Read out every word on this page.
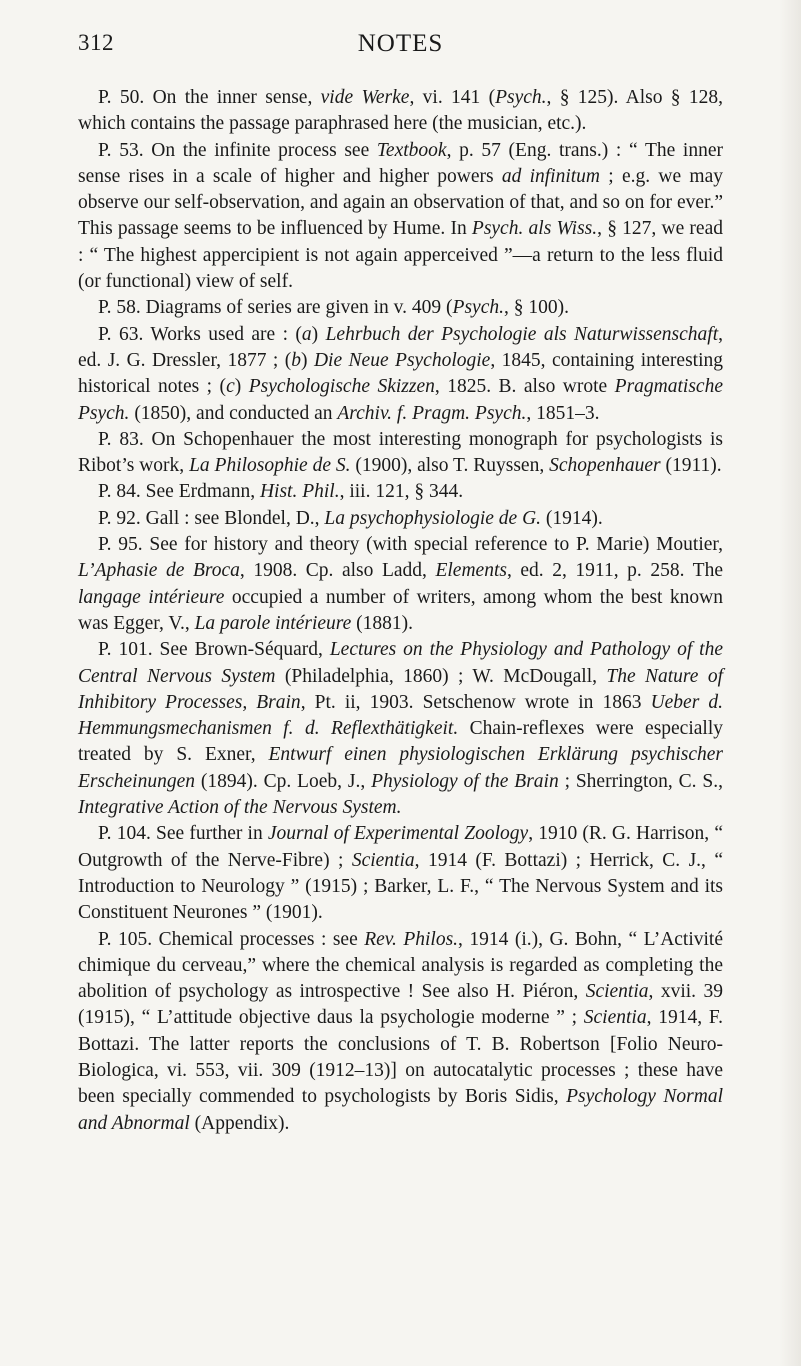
312	NOTES

P. 50. On the inner sense, vide Werke, vi. 141 (Psych., § 125). Also § 128, which contains the passage paraphrased here (the musician, etc.).

P. 53. On the infinite process see Textbook, p. 57 (Eng. trans.) : “ The inner sense rises in a scale of higher and higher powers ad infinitum ; e.g. we may observe our self-observation, and again an observation of that, and so on for ever.” This passage seems to be influenced by Hume. In Psych. als Wiss., § 127, we read : “ The highest appercipient is not again apperceived ”—a return to the less fluid (or functional) view of self.

P. 58. Diagrams of series are given in v. 409 (Psych., § 100).

P. 63. Works used are : (a) Lehrbuch der Psychologie als Naturwissenschaft, ed. J. G. Dressler, 1877 ; (b) Die Neue Psychologie, 1845, containing interesting historical notes ; (c) Psychologische Skizzen, 1825. B. also wrote Pragmatische Psych. (1850), and conducted an Archiv. f. Pragm. Psych., 1851–3.

P. 83. On Schopenhauer the most interesting monograph for psychologists is Ribot’s work, La Philosophie de S. (1900), also T. Ruyssen, Schopenhauer (1911).

P. 84. See Erdmann, Hist. Phil., iii. 121, § 344.

P. 92. Gall : see Blondel, D., La psychophysiologie de G. (1914).

P. 95. See for history and theory (with special reference to P. Marie) Moutier, L’Aphasie de Broca, 1908. Cp. also Ladd, Elements, ed. 2, 1911, p. 258. The langage intérieure occupied a number of writers, among whom the best known was Egger, V., La parole intérieure (1881).

P. 101. See Brown-Séquard, Lectures on the Physiology and Pathology of the Central Nervous System (Philadelphia, 1860) ; W. McDougall, The Nature of Inhibitory Processes, Brain, Pt. ii, 1903. Setschenow wrote in 1863 Ueber d. Hemmungsmechanismen f. d. Reflexthätigkeit. Chain-reflexes were especially treated by S. Exner, Entwurf einen physiologischen Erklärung psychischer Erscheinungen (1894). Cp. Loeb, J., Physiology of the Brain ; Sherrington, C. S., Integrative Action of the Nervous System.

P. 104. See further in Journal of Experimental Zoology, 1910 (R. G. Harrison, “ Outgrowth of the Nerve-Fibre) ; Scientia, 1914 (F. Bottazi) ; Herrick, C. J., “ Introduction to Neurology ” (1915) ; Barker, L. F., “ The Nervous System and its Constituent Neurones ” (1901).

P. 105. Chemical processes : see Rev. Philos., 1914 (i.), G. Bohn, “ L’Activité chimique du cerveau,” where the chemical analysis is regarded as completing the abolition of psychology as introspective ! See also H. Piéron, Scientia, xvii. 39 (1915), “ L’attitude objective daus la psychologie moderne ” ; Scientia, 1914, F. Bottazi. The latter reports the conclusions of T. B. Robertson [Folio Neuro-Biologica, vi. 553, vii. 309 (1912–13)] on autocatalytic processes ; these have been specially commended to psychologists by Boris Sidis, Psychology Normal and Abnormal (Appendix).
